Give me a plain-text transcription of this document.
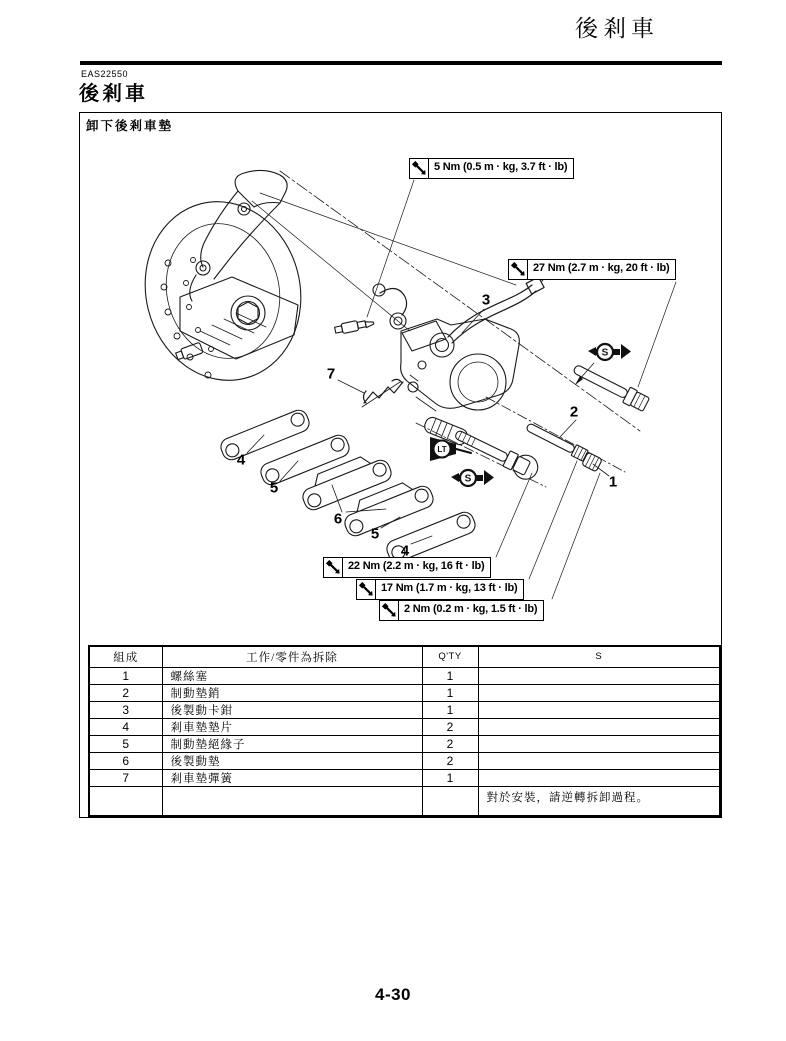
後剎車
EAS22550
後剎車
卸下後剎車墊
S
S
LT
5 Nm (0.5 m · kg, 3.7 ft · lb)
27 Nm (2.7 m · kg, 20 ft · lb)
22 Nm (2.2 m · kg, 16 ft · lb)
17 Nm (1.7 m · kg, 13 ft · lb)
2 Nm (0.2 m · kg, 1.5 ft · lb)
3
7
4
5
6
5
4
2
1
組成	工作/零件為拆除	Q'TY	S
1	螺絲塞	1	
2	制動墊銷	1	
3	後製動卡鉗	1	
4	剎車墊墊片	2	
5	制動墊絕緣子	2	
6	後製動墊	2	
7	剎車墊彈簧	1	
			對於安裝，請逆轉拆卸過程。
4-30
